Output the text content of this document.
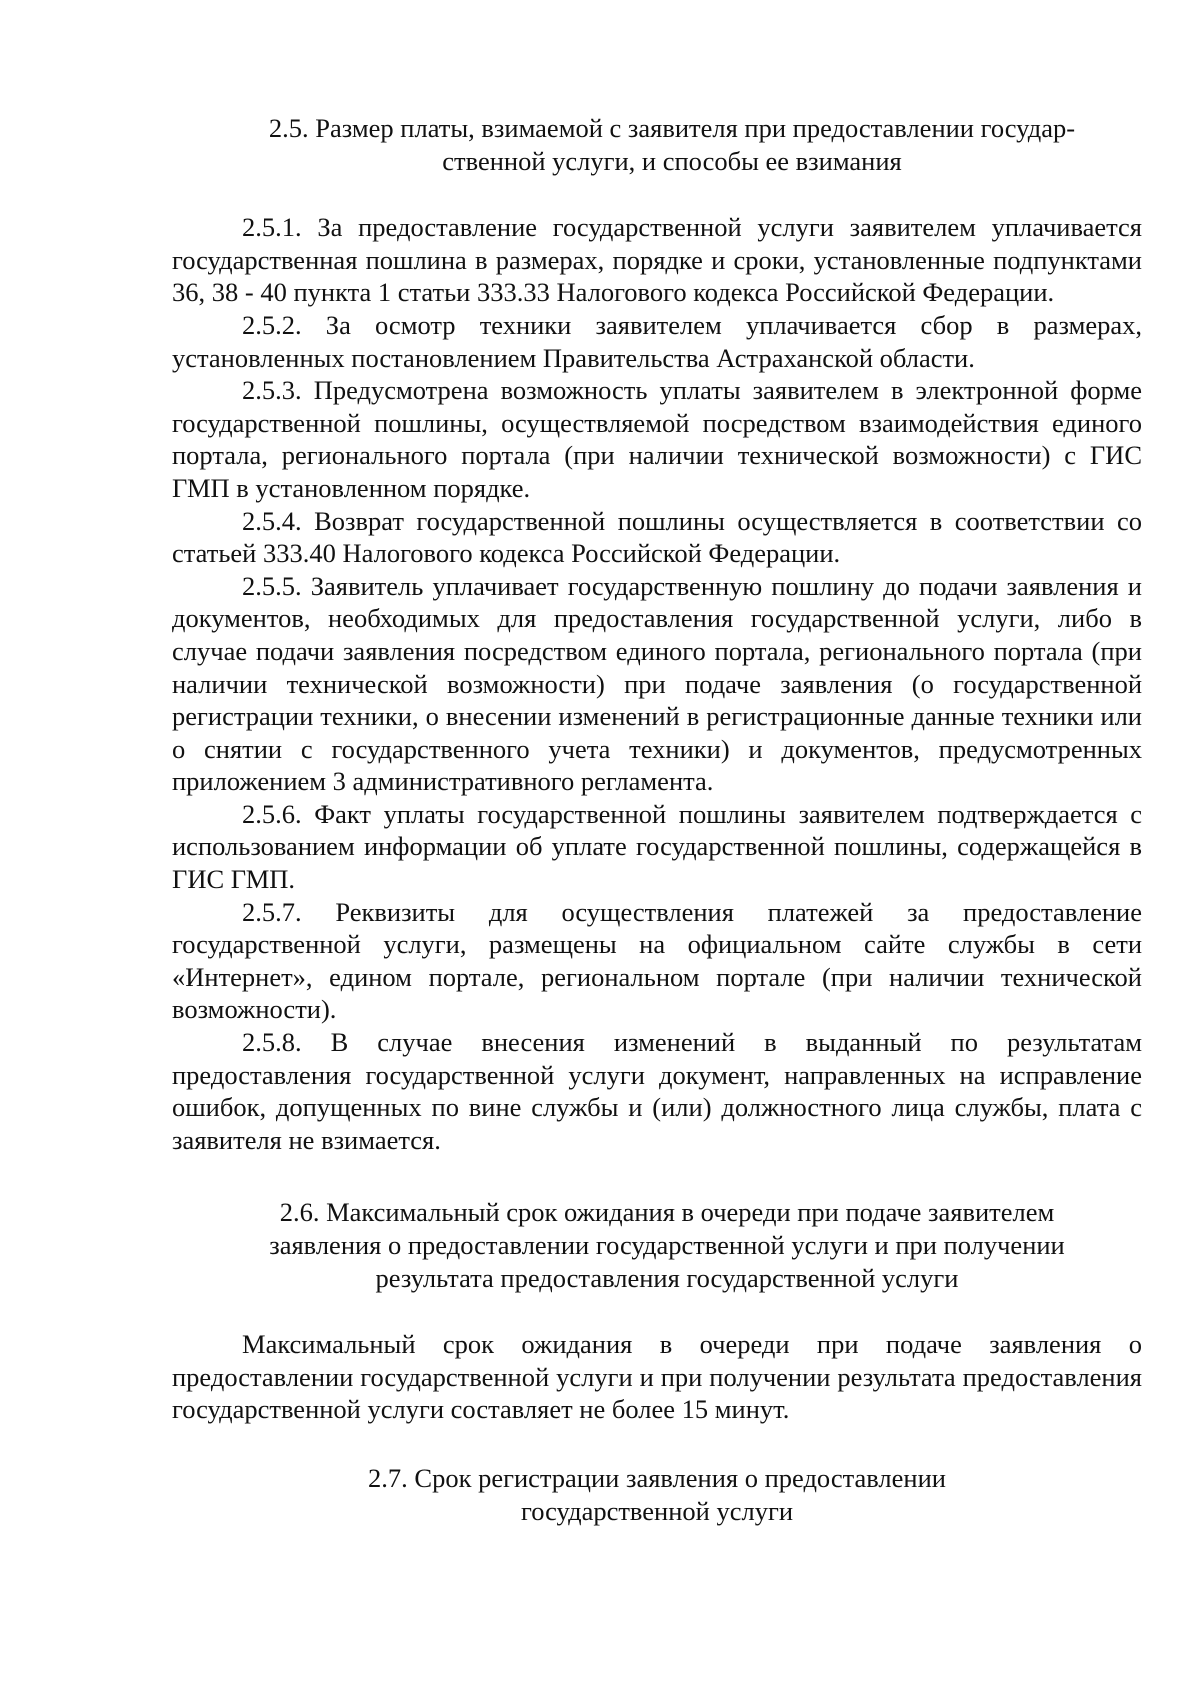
2.5. Размер платы, взимаемой с заявителя при предоставлении государ-
ственной услуги, и способы ее взимания

2.5.1. За предоставление государственной услуги заявителем уплачивается государственная пошлина в размерах, порядке и сроки, установленные подпунктами 36, 38 - 40 пункта 1 статьи 333.33 Налогового кодекса Российской Федерации.

2.5.2. За осмотр техники заявителем уплачивается сбор в размерах, установленных постановлением Правительства Астраханской области.

2.5.3. Предусмотрена возможность уплаты заявителем в электронной форме государственной пошлины, осуществляемой посредством взаимодействия единого портала, регионального портала (при наличии технической возможности) с ГИС ГМП в установленном порядке.

2.5.4. Возврат государственной пошлины осуществляется в соответствии со статьей 333.40 Налогового кодекса Российской Федерации.

2.5.5. Заявитель уплачивает государственную пошлину до подачи заявления и документов, необходимых для предоставления государственной услуги, либо в случае подачи заявления посредством единого портала, регионального портала (при наличии технической возможности) при подаче заявления (о государственной регистрации техники, о внесении изменений в регистрационные данные техники или о снятии с государственного учета техники) и документов, предусмотренных приложением 3 административного регламента.

2.5.6. Факт уплаты государственной пошлины заявителем подтверждается с использованием информации об уплате государственной пошлины, содержащейся в ГИС ГМП.

2.5.7. Реквизиты для осуществления платежей за предоставление государственной услуги, размещены на официальном сайте службы в сети «Интернет», едином портале, региональном портале (при наличии технической возможности).

2.5.8. В случае внесения изменений в выданный по результатам предоставления государственной услуги документ, направленных на исправление ошибок, допущенных по вине службы и (или) должностного лица службы, плата с заявителя не взимается.

2.6. Максимальный срок ожидания в очереди при подаче заявителем
заявления о предоставлении государственной услуги и при получении
результата предоставления государственной услуги

Максимальный срок ожидания в очереди при подаче заявления о предоставлении государственной услуги и при получении результата предоставления государственной услуги составляет не более 15 минут.

2.7. Срок регистрации заявления о предоставлении
государственной услуги
